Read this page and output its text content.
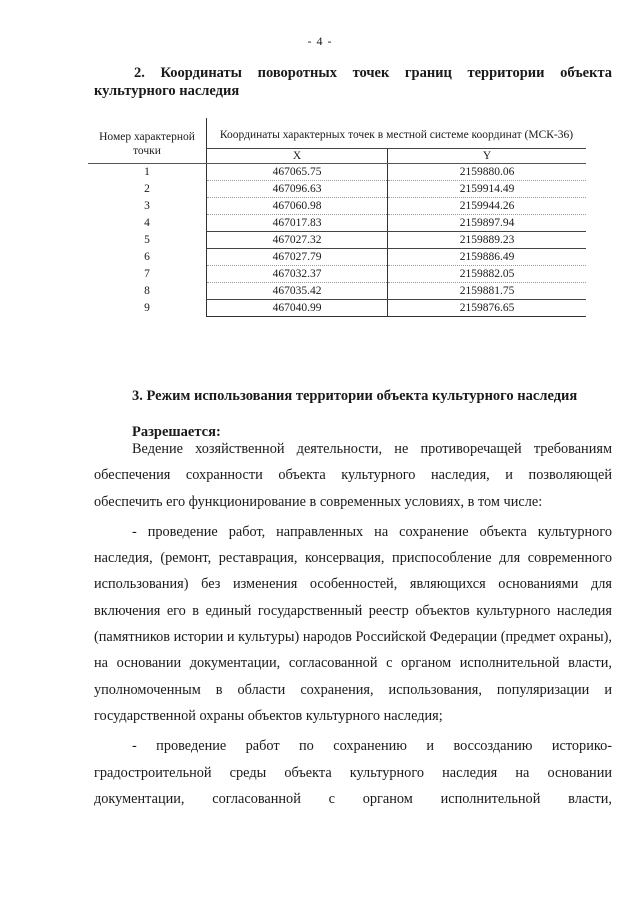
- 4 -
2. Координаты поворотных точек границ территории объекта культурного наследия
Номер характерной точки	Координаты характерных точек в местной системе координат (МСК-36)	
	X	Y
1	467065.75	2159880.06
2	467096.63	2159914.49
3	467060.98	2159944.26
4	467017.83	2159897.94
5	467027.32	2159889.23
6	467027.79	2159886.49
7	467032.37	2159882.05
8	467035.42	2159881.75
9	467040.99	2159876.65
3. Режим использования территории объекта культурного наследия
Разрешается:

Ведение хозяйственной деятельности, не противоречащей требованиям обеспечения сохранности объекта культурного наследия, и позволяющей обеспечить его функционирование в современных условиях, в том числе:

- проведение работ, направленных на сохранение объекта культурного наследия, (ремонт, реставрация, консервация, приспособление для современного использования) без изменения особенностей, являющихся основаниями для включения его в единый государственный реестр объектов культурного наследия (памятников истории и культуры) народов Российской Федерации (предмет охраны), на основании документации, согласованной с органом исполнительной власти, уполномоченным в области сохранения, использования, популяризации и государственной охраны объектов культурного наследия;

- проведение работ по сохранению и воссозданию историко-градостроительной среды объекта культурного наследия на основании документации, согласованной с органом исполнительной власти,
